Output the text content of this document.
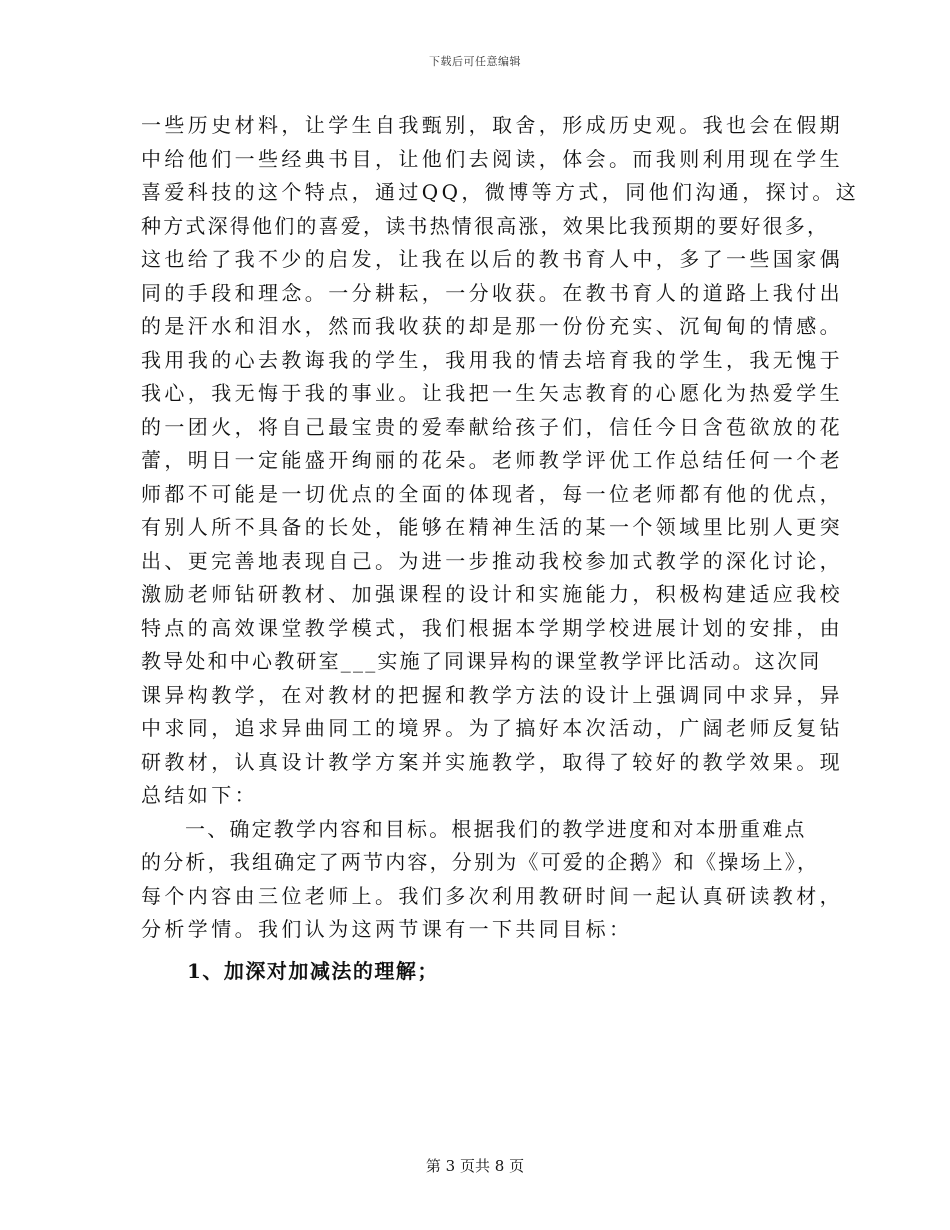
下载后可任意编辑
一些历史材料，让学生自我甄别，取舍，形成历史观。我也会在假期
中给他们一些经典书目，让他们去阅读，体会。而我则利用现在学生
喜爱科技的这个特点，通过QQ，微博等方式，同他们沟通，探讨。这
种方式深得他们的喜爱，读书热情很高涨，效果比我预期的要好很多，
这也给了我不少的启发，让我在以后的教书育人中，多了一些国家偶
同的手段和理念。一分耕耘，一分收获。在教书育人的道路上我付出
的是汗水和泪水，然而我收获的却是那一份份充实、沉甸甸的情感。
我用我的心去教诲我的学生，我用我的情去培育我的学生，我无愧于
我心，我无悔于我的事业。让我把一生矢志教育的心愿化为热爱学生
的一团火，将自己最宝贵的爱奉献给孩子们，信任今日含苞欲放的花
蕾，明日一定能盛开绚丽的花朵。老师教学评优工作总结任何一个老
师都不可能是一切优点的全面的体现者，每一位老师都有他的优点，
有别人所不具备的长处，能够在精神生活的某一个领域里比别人更突
出、更完善地表现自己。为进一步推动我校参加式教学的深化讨论，
激励老师钻研教材、加强课程的设计和实施能力，积极构建适应我校
特点的高效课堂教学模式，我们根据本学期学校进展计划的安排，由
教导处和中心教研室___实施了同课异构的课堂教学评比活动。这次同
课异构教学，在对教材的把握和教学方法的设计上强调同中求异，异
中求同，追求异曲同工的境界。为了搞好本次活动，广阔老师反复钻
研教材，认真设计教学方案并实施教学，取得了较好的教学效果。现
总结如下：
一、确定教学内容和目标。根据我们的教学进度和对本册重难点
的分析，我组确定了两节内容，分别为《可爱的企鹅》和《操场上》，
每个内容由三位老师上。我们多次利用教研时间一起认真研读教材，
分析学情。我们认为这两节课有一下共同目标：
1、加深对加减法的理解；
第 3 页共 8 页
